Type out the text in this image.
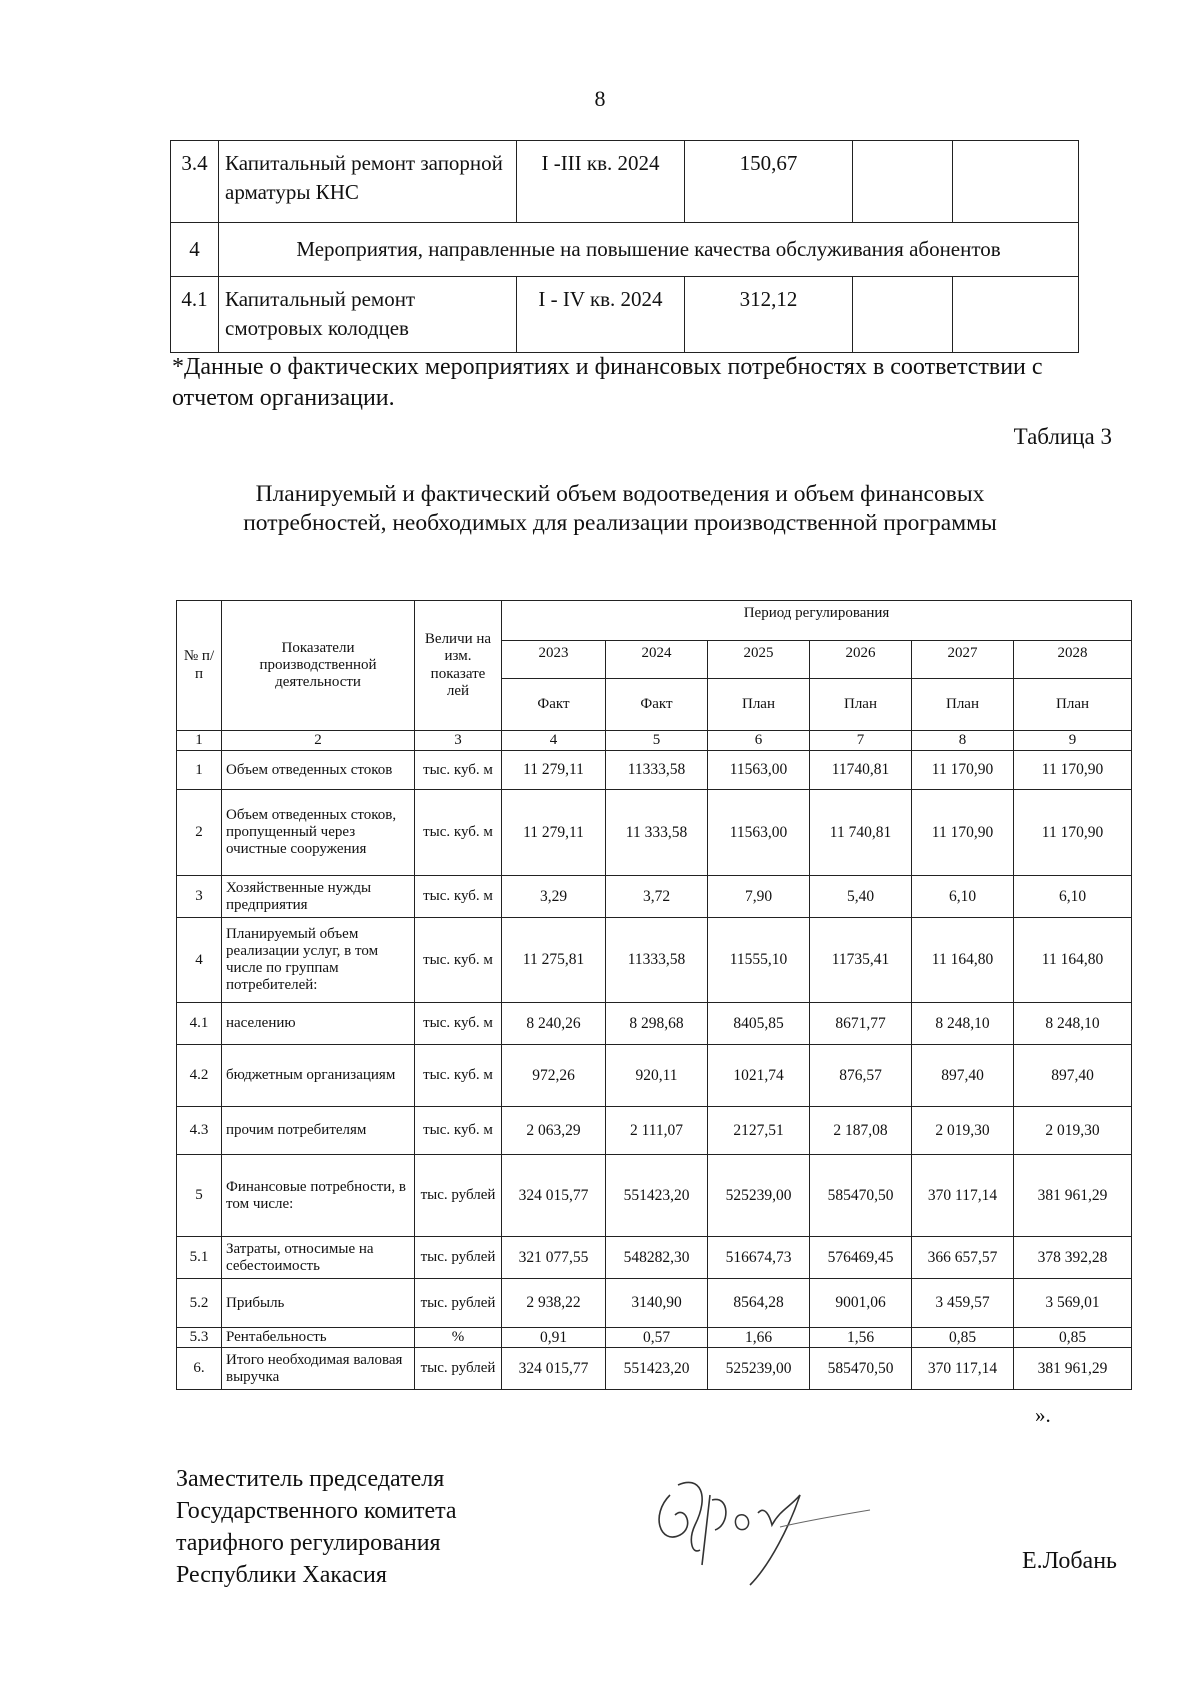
8
3.4	Капитальный ремонт запорной арматуры КНС	I -III кв. 2024	150,67		
4	Мероприятия, направленные на повышение качества обслуживания абонентов				
4.1	Капитальный ремонт смотровых колодцев	I - IV кв. 2024	312,12		
*Данные о фактических мероприятиях и финансовых потребностях в соответствии с отчетом организации.
Таблица 3
Планируемый и фактический объем водоотведения и объем финансовых потребностей, необходимых для реализации производственной программы
№ п/п	Показатели производственной деятельности	Величи на изм. показате лей	Период регулирования					
			2023	2024	2025	2026	2027	2028
			Факт	Факт	План	План	План	План
1	2	3	4	5	6	7	8	9
1	Объем отведенных стоков	тыс. куб. м	11 279,11	11333,58	11563,00	11740,81	11 170,90	11 170,90
2	Объем отведенных стоков, пропущенный через очистные сооружения	тыс. куб. м	11 279,11	11 333,58	11563,00	11 740,81	11 170,90	11 170,90
3	Хозяйственные нужды предприятия	тыс. куб. м	3,29	3,72	7,90	5,40	6,10	6,10
4	Планируемый объем реализации услуг, в том числе по группам потребителей:	тыс. куб. м	11 275,81	11333,58	11555,10	11735,41	11 164,80	11 164,80
4.1	населению	тыс. куб. м	8 240,26	8 298,68	8405,85	8671,77	8 248,10	8 248,10
4.2	бюджетным организациям	тыс. куб. м	972,26	920,11	1021,74	876,57	897,40	897,40
4.3	прочим потребителям	тыс. куб. м	2 063,29	2 111,07	2127,51	2 187,08	2 019,30	2 019,30
5	Финансовые потребности, в том числе:	тыс. рублей	324 015,77	551423,20	525239,00	585470,50	370 117,14	381 961,29
5.1	Затраты, относимые на себестоимость	тыс. рублей	321 077,55	548282,30	516674,73	576469,45	366 657,57	378 392,28
5.2	Прибыль	тыс. рублей	2 938,22	3140,90	8564,28	9001,06	3 459,57	3 569,01
5.3	Рентабельность	%	0,91	0,57	1,66	1,56	0,85	0,85
6.	Итого необходимая валовая выручка	тыс. рублей	324 015,77	551423,20	525239,00	585470,50	370 117,14	381 961,29
».
Заместитель председателя
Государственного комитета
тарифного регулирования
Республики Хакасия
Е.Лобань
